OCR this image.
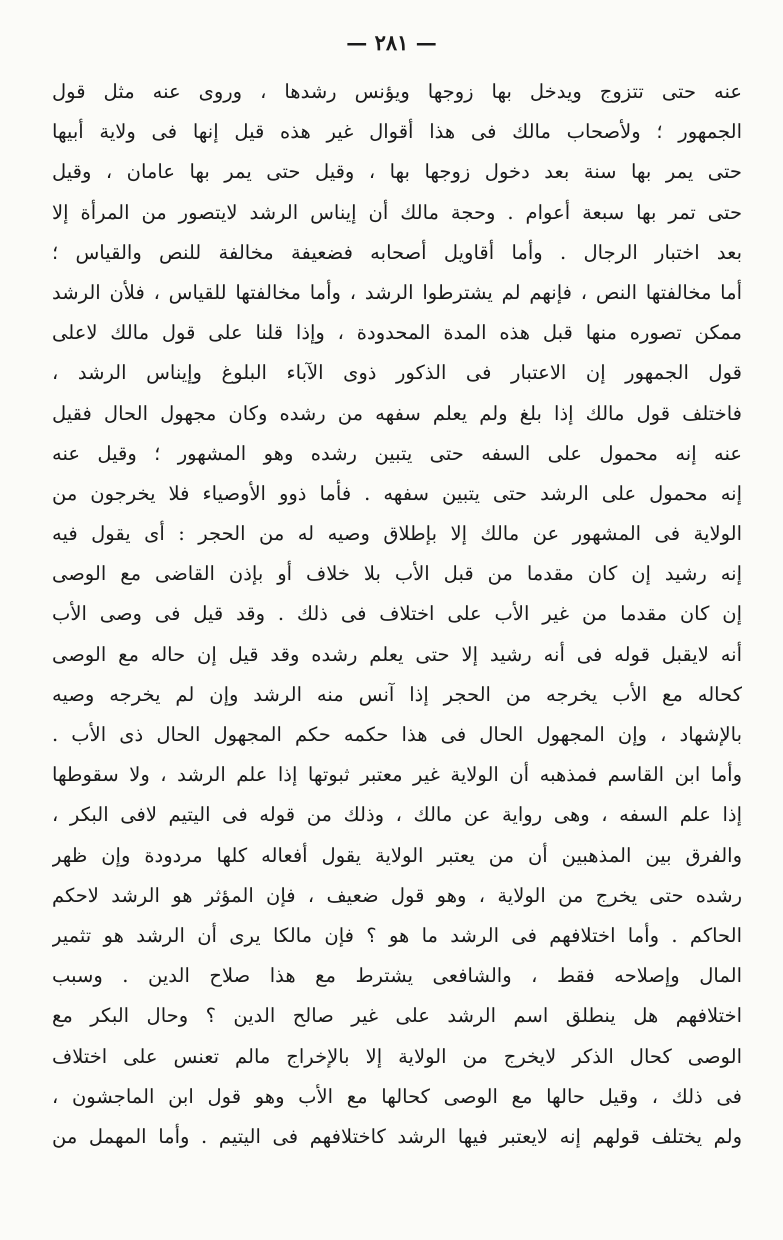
— ٢٨١ —
عنه حتى تتزوج ويدخل بها زوجها ويؤنس رشدها ، وروى عنه مثل قول
الجمهور ؛ ولأصحاب مالك فى هذا أقوال غير هذه قيل إنها فى ولاية أبيها
حتى يمر بها سنة بعد دخول زوجها بها ، وقيل حتى يمر بها عامان ، وقيل
حتى تمر بها سبعة أعوام . وحجة مالك أن إيناس الرشد لايتصور من المرأة إلا
بعد اختبار الرجال . وأما أقاويل أصحابه فضعيفة مخالفة للنص والقياس ؛
أما مخالفتها النص ، فإنهم لم يشترطوا الرشد ، وأما مخالفتها للقياس ، فلأن الرشد
ممكن تصوره منها قبل هذه المدة المحدودة ، وإذا قلنا على قول مالك لاعلى
قول الجمهور إن الاعتبار فى الذكور ذوى الآباء البلوغ وإيناس الرشد ،
فاختلف قول مالك إذا بلغ ولم يعلم سفهه من رشده وكان مجهول الحال فقيل
عنه إنه محمول على السفه حتى يتبين رشده وهو المشهور ؛ وقيل عنه
إنه محمول على الرشد حتى يتبين سفهه . فأما ذوو الأوصياء فلا يخرجون من
الولاية فى المشهور عن مالك إلا بإطلاق وصيه له من الحجر : أى يقول فيه
إنه رشيد إن كان مقدما من قبل الأب بلا خلاف أو بإذن القاضى مع الوصى
إن كان مقدما من غير الأب على اختلاف فى ذلك . وقد قيل فى وصى الأب
أنه لايقبل قوله فى أنه رشيد إلا حتى يعلم رشده وقد قيل إن حاله مع الوصى
كحاله مع الأب يخرجه من الحجر إذا آنس منه الرشد وإن لم يخرجه وصيه
بالإشهاد ، وإن المجهول الحال فى هذا حكمه حكم المجهول الحال ذى الأب .
وأما ابن القاسم فمذهبه أن الولاية غير معتبر ثبوتها إذا علم الرشد ، ولا سقوطها
إذا علم السفه ، وهى رواية عن مالك ، وذلك من قوله فى اليتيم لافى البكر ،
والفرق بين المذهبين أن من يعتبر الولاية يقول أفعاله كلها مردودة وإن ظهر
رشده حتى يخرج من الولاية ، وهو قول ضعيف ، فإن المؤثر هو الرشد لاحكم
الحاكم . وأما اختلافهم فى الرشد ما هو ؟ فإن مالكا يرى أن الرشد هو تثمير
المال وإصلاحه فقط ، والشافعى يشترط مع هذا صلاح الدين . وسبب
اختلافهم هل ينطلق اسم الرشد على غير صالح الدين ؟ وحال البكر مع
الوصى كحال الذكر لايخرج من الولاية إلا بالإخراج مالم تعنس على اختلاف
فى ذلك ، وقيل حالها مع الوصى كحالها مع الأب وهو قول ابن الماجشون ،
ولم يختلف قولهم إنه لايعتبر فيها الرشد كاختلافهم فى اليتيم . وأما المهمل من
